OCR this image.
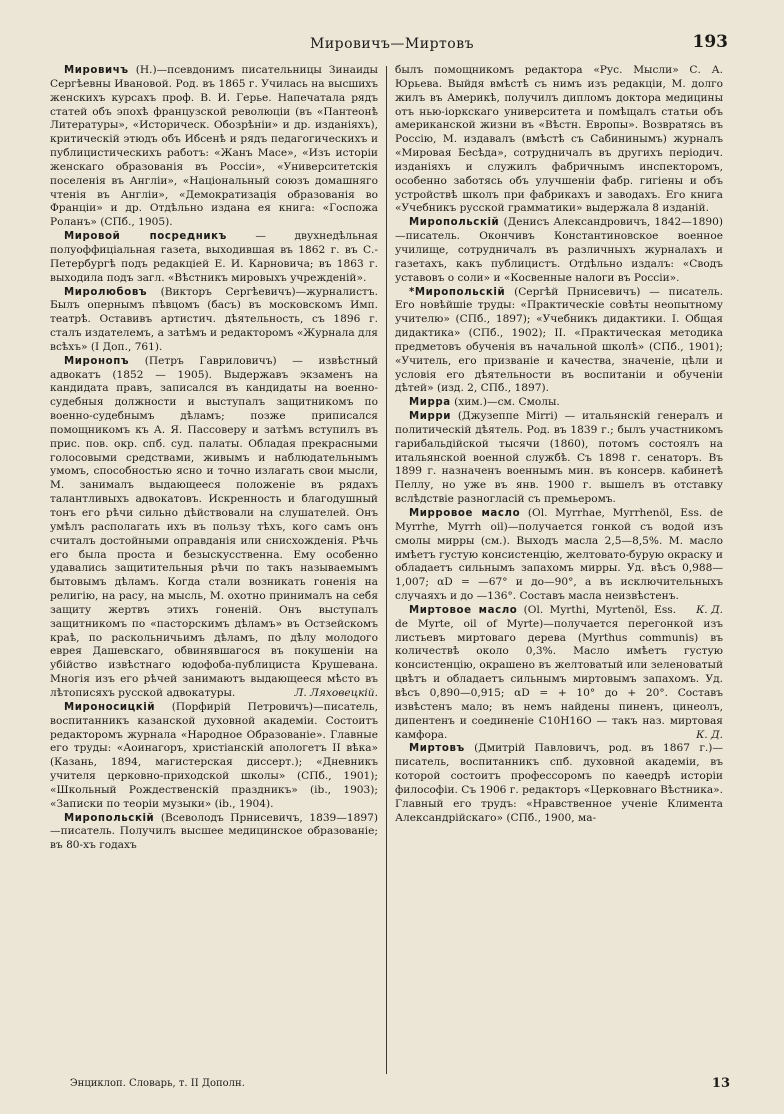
Мировичъ—Миртовъ	193

Мировичъ (Н.)—псевдонимъ писательницы Зинаиды Сергѣевны Ивановой. Род. въ 1865 г. Училась на высшихъ женскихъ курсахъ проф. В. И. Герье. Напечатала рядъ статей объ эпохѣ французской революціи (въ «Пантеонѣ Литературы», «Историческ. Обозрѣніи» и др. изданіяхъ), критическій этюдъ объ Ибсенѣ и рядъ педагогическихъ и публицистическихъ работъ: «Жанъ Масе», «Изъ исторіи женскаго образованія въ Россіи», «Университетскія поселенія въ Англіи», «Національный союзъ домашняго чтенія въ Англіи», «Демократизація образованія во Франціи» и др. Отдѣльно издана ея книга: «Госпожа Роланъ» (СПб., 1905).

Мировой посредникъ	— двухнедѣльная полуоффиціальная газета, выходившая въ 1862 г. въ С.-Петербургѣ подъ редакціей Е. И. Карновича; въ 1863 г. выходила подъ загл. «Вѣстникъ мировыхъ учрежденій».

Миролюбовъ (Викторъ Сергѣевичъ)—журналистъ. Былъ опернымъ пѣвцомъ (басъ) въ московскомъ Имп. театрѣ. Оставивъ артистич. дѣятельность, съ 1896 г. сталъ издателемъ, а затѣмъ и редакторомъ «Журнала для всѣхъ» (I Доп., 761).

Миронопъ (Петръ Гавриловичъ) — извѣстный адвокатъ (1852 — 1905). Выдержавъ экзаменъ на кандидата правъ, записался въ кандидаты на военно-судебныя должности и выступалъ защитникомъ по военно-судебнымъ дѣламъ; позже приписался помощникомъ къ А. Я. Пассоверу и затѣмъ вступилъ въ прис. пов. окр. спб. суд. палаты. Обладая прекрасными голосовыми средствами, живымъ и наблюдательнымъ умомъ, способностью ясно и точно излагать свои мысли, М. занималъ выдающееся положеніе въ рядахъ талантливыхъ адвокатовъ. Искренность и благодушный тонъ его рѣчи сильно дѣйствовали на слушателей. Онъ умѣлъ располагать ихъ въ пользу тѣхъ, кого самъ онъ считалъ достойными оправданія или снисхожденія. Рѣчь его была проста и безыскусственна. Ему особенно удавались защитительныя рѣчи по такъ называемымъ бытовымъ дѣламъ. Когда стали возникать гоненія на религію, на расу, на мысль, М. охотно принималъ на себя защиту жертвъ этихъ гоненій. Онъ выступалъ защитникомъ по «пасторскимъ дѣламъ» въ Остзейскомъ краѣ, по раскольничьимъ дѣламъ, по дѣлу молодого еврея Дашевскаго, обвинявшагося въ покушеніи на убійство извѣстнаго юдофоба-публициста Крушевана. Многія изъ его рѣчей занимаютъ выдающееся мѣсто въ лѣтописяхъ русской адвокатуры.	Л. Ляховецкій.

Мироносицкій (Порфирій Петровичъ)—писатель, воспитанникъ казанской духовной академіи. Состоитъ редакторомъ журнала «Народное Образованіе». Главные его труды: «Аоинагоръ, христіанскій апологетъ II вѣка» (Казань, 1894, магистерская диссерт.); «Дневникъ учителя церковно-приходской школы» (СПб., 1901); «Школьный Рождественскій праздникъ» (ib., 1903); «Записки по теоріи музыки» (ib., 1904).

Миропольскій (Всеволодъ Прнисевичъ, 1839—1897)—писатель. Получилъ высшее медицинское образованіе; въ 80-хъ годахъ

былъ помощникомъ редактора «Рус. Мысли» С. А. Юрьева. Выйдя вмѣстѣ съ нимъ изъ редакціи, М. долго жилъ въ Америкѣ, получилъ дипломъ доктора медицины отъ нью-іоркскаго университета и помѣщалъ статьи объ американской жизни въ «Вѣстн. Европы». Возвратясь въ Россію, М. издавалъ (вмѣстѣ съ Сабининымъ) журналъ «Мировая Бесѣда», сотрудничалъ въ другихъ періодич. изданіяхъ и служилъ фабричнымъ инспекторомъ, особенно заботясь объ улучшеніи фабр. гигіены и объ устройствѣ школъ при фабрикахъ и заводахъ. Его книга «Учебникъ русской грамматики» выдержала 8 изданій.

Миропольскій (Денисъ Александровичъ, 1842—1890)—писатель. Окончивъ Константиновское военное училище, сотрудничалъ въ различныхъ журналахъ и газетахъ, какъ публицистъ. Отдѣльно издалъ: «Сводъ уставовъ о соли» и «Косвенные налоги въ Россіи».

*Миропольскій (Сергѣй Прнисевичъ) — писатель. Его новѣйшіе труды: «Практическіе совѣты неопытному учителю» (СПб., 1897); «Учебникъ дидактики. I. Общая дидактика» (СПб., 1902); II. «Практическая методика предметовъ обученія въ начальной школѣ» (СПб., 1901); «Учитель, его призваніе и качества, значеніе, цѣли и условія его дѣятельности въ воспитаніи и обученіи дѣтей» (изд. 2, СПб., 1897).

Мирра (хим.)—см. Смолы.

Мирри (Джузеппе Mirri) — итальянскій генералъ и политическій дѣятель. Род. въ 1839 г.; былъ участникомъ гарибальдійской тысячи (1860), потомъ состоялъ на итальянской военной службѣ. Съ 1898 г. сенаторъ. Въ 1899 г. назначенъ военнымъ мин. въ консерв. кабинетѣ Пеллу, но уже въ янв. 1900 г. вышелъ въ отставку вслѣдствіе разногласій съ премьеромъ.

Мирровое масло (Ol. Myrrhae, Myrrhenöl, Ess. de Myrrhe, Myrrh oil)—получается гонкой съ водой изъ смолы мирры (см.). Выходъ масла 2,5—8,5%. М. масло имѣетъ густую консистенцію, желтовато-бурую окраску и обладаетъ сильнымъ запахомъ мирры. Уд. вѣсъ 0,988—1,007; αD = —67° и до—90°, а въ исключительныхъ случаяхъ и до —136°. Составъ масла неизвѣстенъ.
К. Д.

Миртовое масло (Ol. Myrthi, Myrtenöl, Ess. de Myrte, oil of Myrte)—получается перегонкой изъ листьевъ миртоваго дерева (Myrthus communis) въ количествѣ около 0,3%. Масло имѣетъ густую консистенцію, окрашено въ желтоватый или зеленоватый цвѣтъ и обладаетъ сильнымъ миртовымъ запахомъ. Уд. вѣсъ 0,890—0,915; αD = + 10° до + 20°. Составъ извѣстенъ мало; въ немъ найдены пиненъ, цинеолъ, дипентенъ и соединеніе C10H16O — такъ наз. миртовая камфора.	К. Д.

Миртовъ (Дмитрій Павловичъ, род. въ 1867 г.)—писатель, воспитанникъ спб. духовной академіи, въ которой состоитъ профессоромъ по каѳедрѣ исторіи философіи. Съ 1906 г. редакторъ «Церковнаго Вѣстника». Главный его трудъ: «Нравственное ученіе Климента Александрійскаго» (СПб., 1900, ма-

Энциклоп. Словарь, т. II Дополн.	13
